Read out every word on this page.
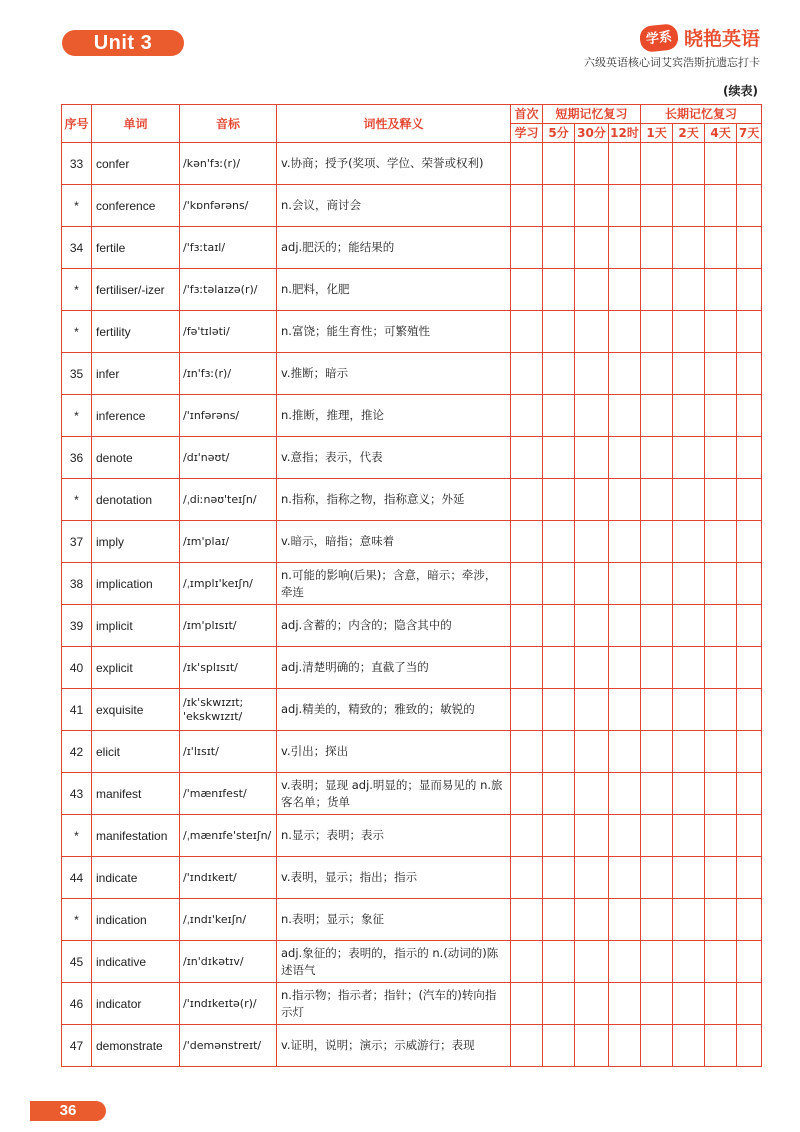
Unit 3	学系 晓艳英语
六级英语核心词艾宾浩斯抗遗忘打卡
(续表)
序号	单词	音标	词性及释义	首次	短期记忆复习			长期记忆复习			
				学习	5分	30分	12时	1天	2天	4天	7天
33	confer	/kən'fɜː(r)/	v.协商；授予(奖项、学位、荣誉或权利)								
*	conference	/'kɒnfərəns/	n.会议，商讨会								
34	fertile	/'fɜːtaɪl/	adj.肥沃的；能结果的								
*	fertiliser/-izer	/'fɜːtəlaɪzə(r)/	n.肥料，化肥								
*	fertility	/fə'tɪləti/	n.富饶；能生育性；可繁殖性								
35	infer	/ɪn'fɜː(r)/	v.推断；暗示								
*	inference	/'ɪnfərəns/	n.推断，推理，推论								
36	denote	/dɪ'nəʊt/	v.意指；表示，代表								
*	denotation	/ˌdiːnəʊ'teɪʃn/	n.指称，指称之物，指称意义；外延								
37	imply	/ɪm'plaɪ/	v.暗示，暗指；意味着								
38	implication	/ˌɪmplɪ'keɪʃn/	n.可能的影响(后果)；含意，暗示；牵涉，牵连								
39	implicit	/ɪm'plɪsɪt/	adj.含蓄的；内含的；隐含其中的								
40	explicit	/ɪk'splɪsɪt/	adj.清楚明确的；直截了当的								
41	exquisite	/ɪk'skwɪzɪt; 'ekskwɪzɪt/	adj.精美的，精致的；雅致的；敏锐的								
42	elicit	/ɪ'lɪsɪt/	v.引出；探出								
43	manifest	/'mænɪfest/	v.表明；显现 adj.明显的；显而易见的 n.旅客名单；货单								
*	manifestation	/ˌmænɪfe'steɪʃn/	n.显示；表明；表示								
44	indicate	/'ɪndɪkeɪt/	v.表明，显示；指出；指示								
*	indication	/ˌɪndɪ'keɪʃn/	n.表明；显示；象征								
45	indicative	/ɪn'dɪkətɪv/	adj.象征的；表明的，指示的 n.(动词的)陈述语气								
46	indicator	/'ɪndɪkeɪtə(r)/	n.指示物；指示者；指针；(汽车的)转向指示灯								
47	demonstrate	/'demənstreɪt/	v.证明，说明；演示；示威游行；表现								
36
